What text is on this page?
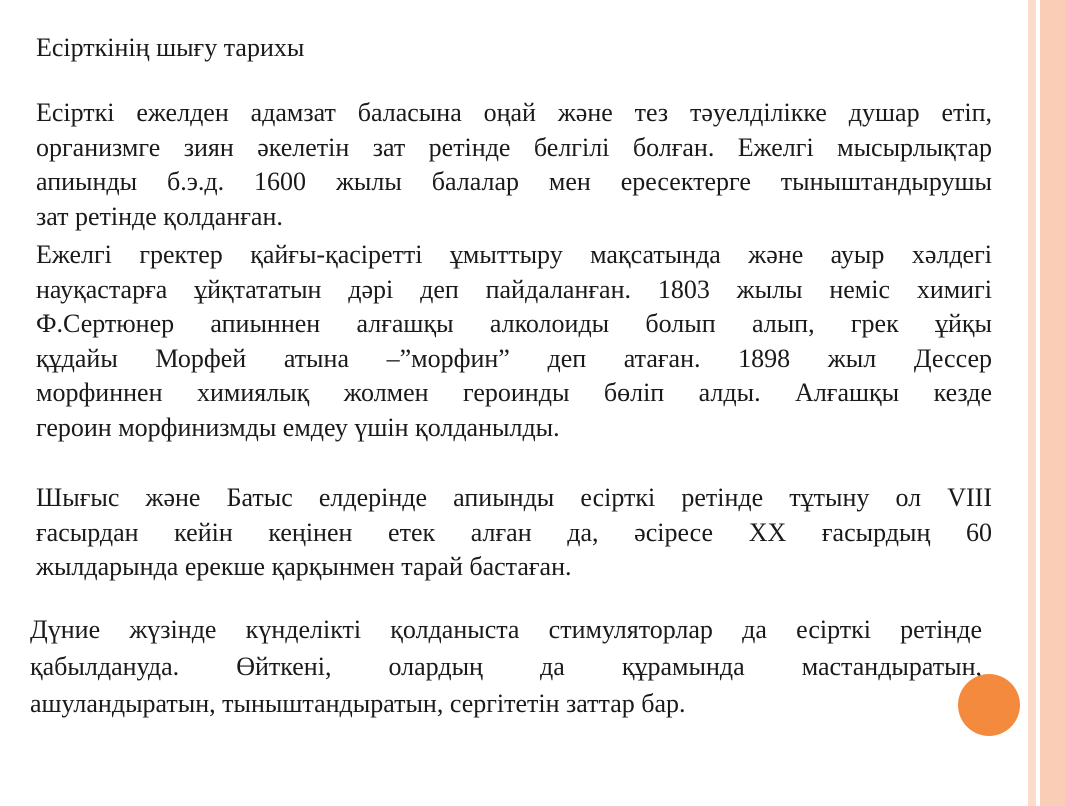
Есірткінің шығу тарихы
Есірткі ежелден адамзат баласына оңай және тез тәуелділікке душар етіп,
организмге зиян әкелетін зат ретінде белгілі болған. Ежелгі мысырлықтар
апиынды б.э.д. 1600 жылы балалар мен ересектерге тыныштандырушы
зат ретінде қолданған.
Ежелгі гректер қайғы-қасіретті ұмыттыру мақсатында және ауыр хәлдегі
науқастарға ұйқтататын дәрі деп пайдаланған. 1803 жылы неміс химигі
Ф.Сертюнер апиыннен алғашқы алколоиды болып алып, грек ұйқы
құдайы Морфей атына –”морфин” деп атаған. 1898 жыл Дессер
морфиннен химиялық жолмен героинды бөліп алды. Алғашқы кезде
героин морфинизмды емдеу үшін қолданылды.
Шығыс және Батыс елдерінде апиынды есірткі ретінде тұтыну ол VIII
ғасырдан кейін кеңінен етек алған да, әсіресе XX ғасырдың 60
жылдарында ерекше қарқынмен тарай бастаған.
Дүние жүзінде күнделікті қолданыста стимуляторлар да есірткі ретінде
қабылдануда. Өйткені, олардың да құрамында мастандыратын,
ашуландыратын, тыныштандыратын, сергітетін заттар бар.
